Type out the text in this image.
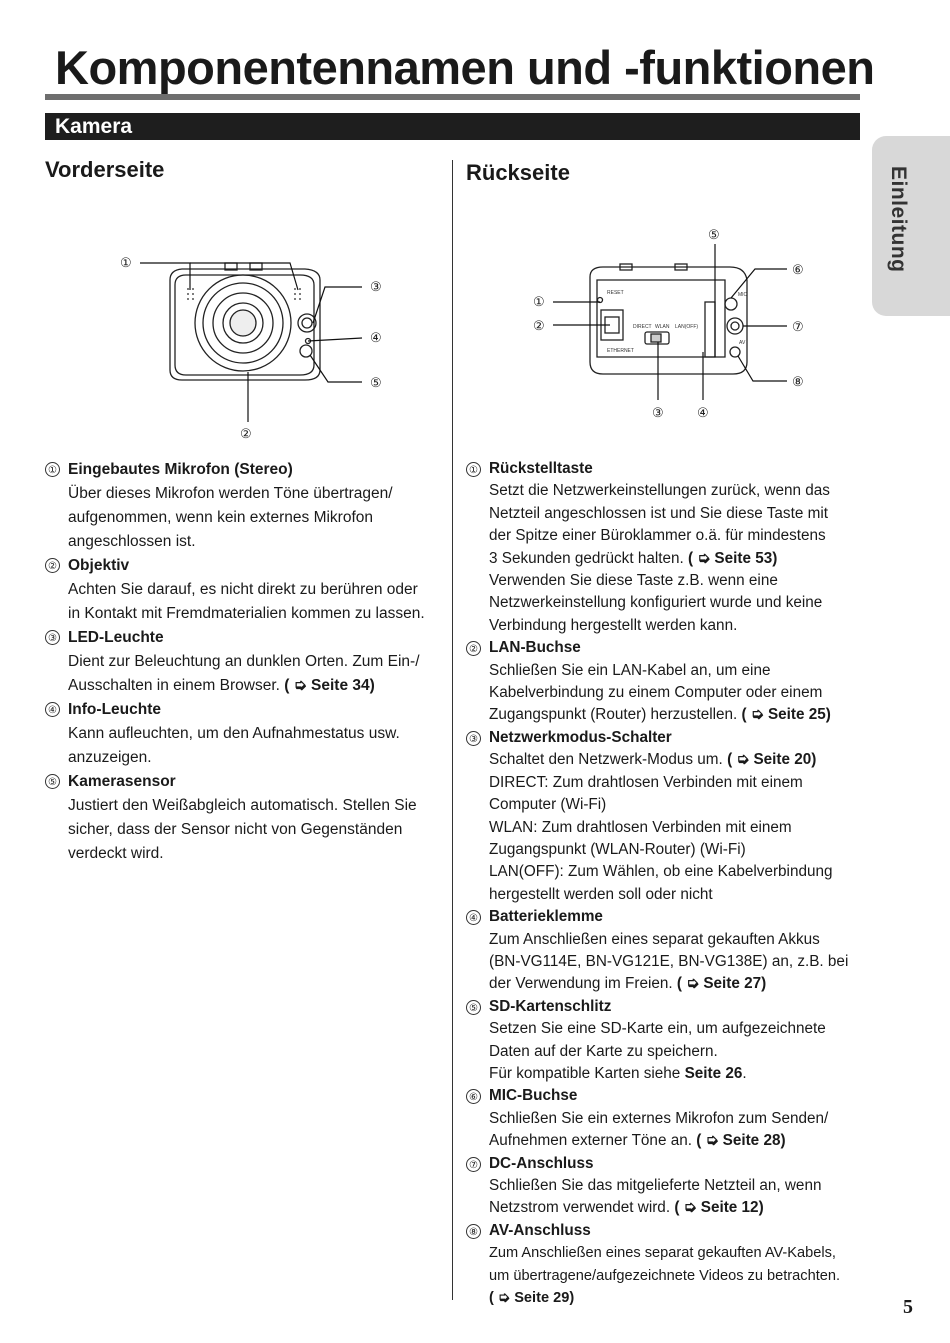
Komponentennamen und -funktionen
Kamera
Einleitung
Vorderseite
①
②
③
④
⑤
① Eingebautes Mikrofon (Stereo)
Über dieses Mikrofon werden Töne übertragen/
aufgenommen, wenn kein externes Mikrofon
angeschlossen ist.
② Objektiv
Achten Sie darauf, es nicht direkt zu berühren oder
in Kontakt mit Fremdmaterialien kommen zu lassen.
③ LED-Leuchte
Dient zur Beleuchtung an dunklen Orten. Zum Ein-/
Ausschalten in einem Browser. ( ➭ Seite 34)
④ Info-Leuchte
Kann aufleuchten, um den Aufnahmestatus usw.
anzuzeigen.
⑤ Kamerasensor
Justiert den Weißabgleich automatisch. Stellen Sie
sicher, dass der Sensor nicht von Gegenständen
verdeckt wird.
Rückseite
ETHERNET
RESET
DIRECT WLAN LAN(OFF)
MIC
AV
①
②
③	④
⑤
⑥
⑦
⑧
① Rückstelltaste
Setzt die Netzwerkeinstellungen zurück, wenn das
Netzteil angeschlossen ist und Sie diese Taste mit
der Spitze einer Büroklammer o.ä. für mindestens
3 Sekunden gedrückt halten. ( ➭ Seite 53)
Verwenden Sie diese Taste z.B. wenn eine
Netzwerkeinstellung konfiguriert wurde und keine
Verbindung hergestellt werden kann.
② LAN-Buchse
Schließen Sie ein LAN-Kabel an, um eine
Kabelverbindung zu einem Computer oder einem
Zugangspunkt (Router) herzustellen. ( ➭ Seite 25)
③ Netzwerkmodus-Schalter
Schaltet den Netzwerk-Modus um. ( ➭ Seite 20)
DIRECT: Zum drahtlosen Verbinden mit einem
Computer (Wi-Fi)
WLAN: Zum drahtlosen Verbinden mit einem
Zugangspunkt (WLAN-Router) (Wi-Fi)
LAN(OFF): Zum Wählen, ob eine Kabelverbindung
hergestellt werden soll oder nicht
④ Batterieklemme
Zum Anschließen eines separat gekauften Akkus
(BN-VG114E, BN-VG121E, BN-VG138E) an, z.B. bei
der Verwendung im Freien. ( ➭ Seite 27)
⑤ SD-Kartenschlitz
Setzen Sie eine SD-Karte ein, um aufgezeichnete
Daten auf der Karte zu speichern.
Für kompatible Karten siehe Seite 26.
⑥ MIC-Buchse
Schließen Sie ein externes Mikrofon zum Senden/
Aufnehmen externer Töne an. ( ➭ Seite 28)
⑦ DC-Anschluss
Schließen Sie das mitgelieferte Netzteil an, wenn
Netzstrom verwendet wird. ( ➭ Seite 12)
⑧ AV-Anschluss
Zum Anschließen eines separat gekauften AV-Kabels,
um übertragene/aufgezeichnete Videos zu betrachten.
( ➭ Seite 29)	5
